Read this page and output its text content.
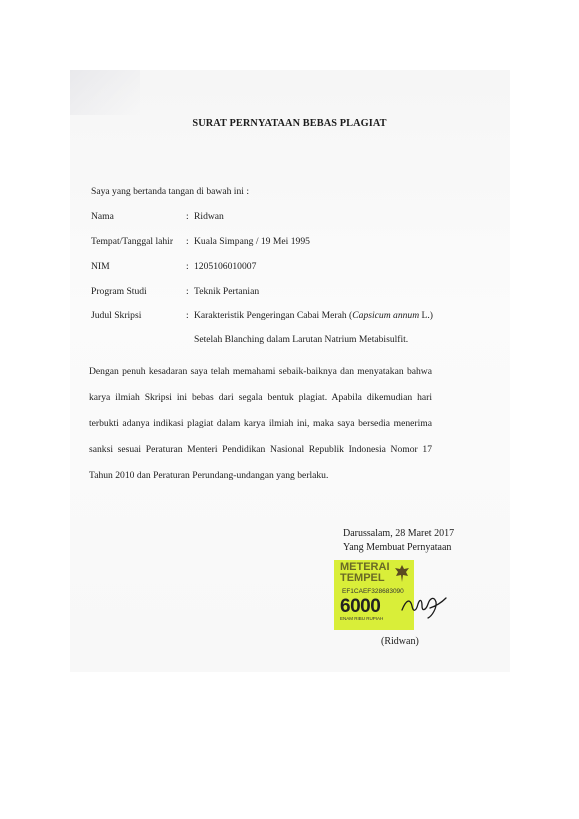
SURAT PERNYATAAN BEBAS PLAGIAT
Saya yang bertanda tangan di bawah ini :
Nama	: Ridwan
Tempat/Tanggal lahir : Kuala Simpang / 19 Mei 1995
NIM	: 1205106010007
Program Studi	: Teknik Pertanian
Judul Skripsi	: Karakteristik Pengeringan Cabai Merah (Capsicum annum L.)
Setelah Blanching dalam Larutan Natrium Metabisulfit.
Dengan penuh kesadaran saya telah memahami sebaik-baiknya dan menyatakan bahwa karya ilmiah Skripsi ini bebas dari segala bentuk plagiat. Apabila dikemudian hari terbukti adanya indikasi plagiat dalam karya ilmiah ini, maka saya bersedia menerima sanksi sesuai Peraturan Menteri Pendidikan Nasional Republik Indonesia Nomor 17 Tahun 2010 dan Peraturan Perundang-undangan yang berlaku.
Darussalam, 28 Maret 2017
Yang Membuat Pernyataan
METERAI
TEMPEL
EF1CAEF328683090
6000
ENAM RIBU RUPIAH
(Ridwan)
